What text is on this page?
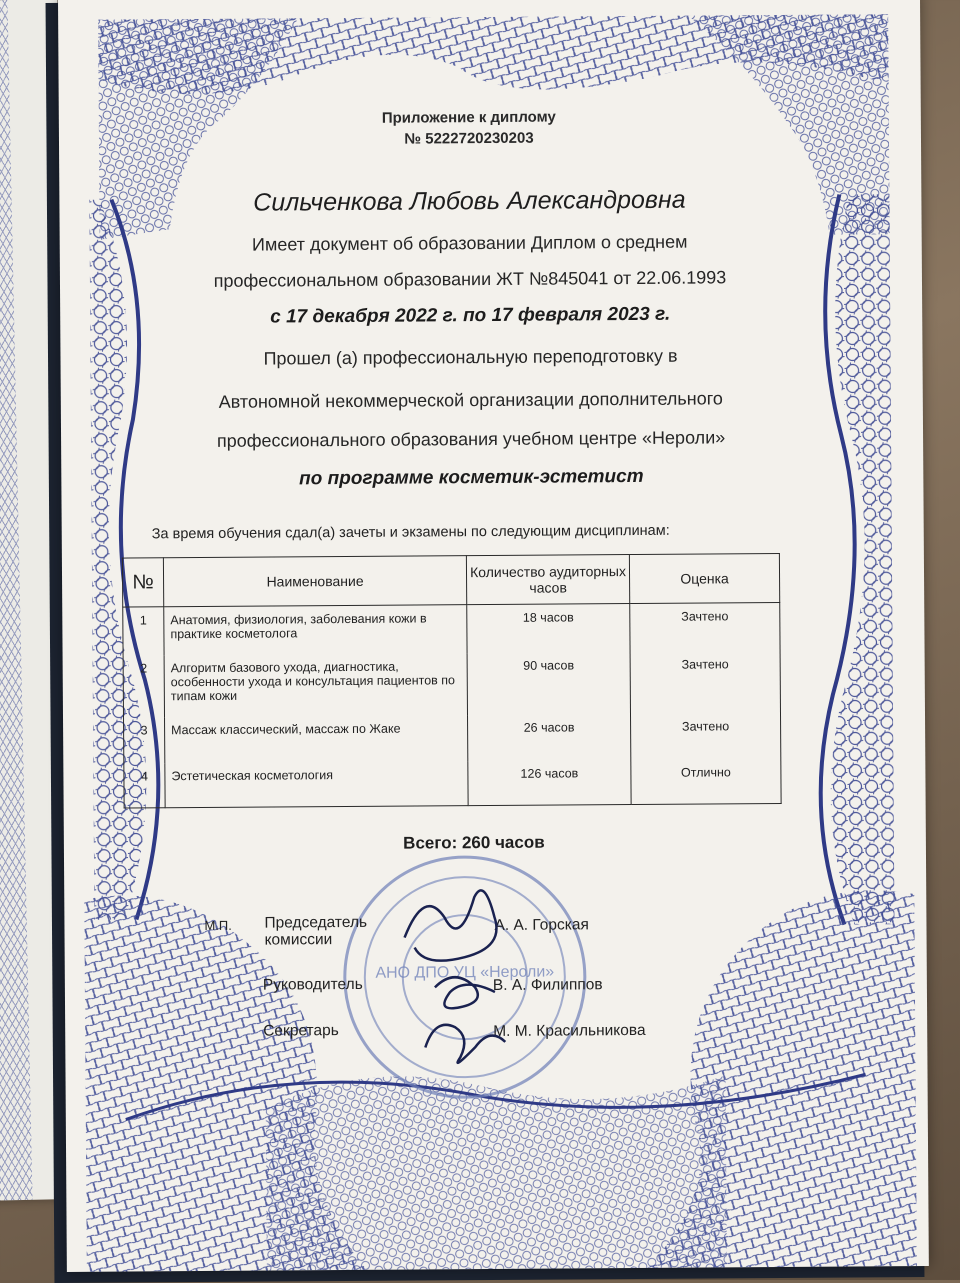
Приложение к диплому
№ 5222720230203
Сильченкова Любовь Александровна
Имеет документ об образовании Диплом о среднем
профессиональном образовании ЖТ №845041 от 22.06.1993
с 17 декабря 2022 г. по 17 февраля 2023 г.
Прошел (а) профессиональную переподготовку в
Автономной некоммерческой организации дополнительного
профессионального образования учебном центре «Нероли»
по программе косметик-эстетист
За время обучения сдал(а) зачеты и экзамены по следующим дисциплинам:
№	Наименование	Количество аудиторных часов	Оценка
1	Анатомия, физиология, заболевания кожи в практике косметолога	18 часов	Зачтено
2	Алгоритм базового ухода, диагностика, особенности ухода и консультация пациентов по типам кожи	90 часов	Зачтено
3	Массаж классический, массаж по Жаке	26 часов	Зачтено
4	Эстетическая косметология	126 часов	Отлично
Всего: 260 часов
АНО ДПО УЦ «Нероли»
М.П. Председатель комиссии
А. А. Горская
Руководитель	В. А. Филиппов
Секретарь	М. М. Красильникова
